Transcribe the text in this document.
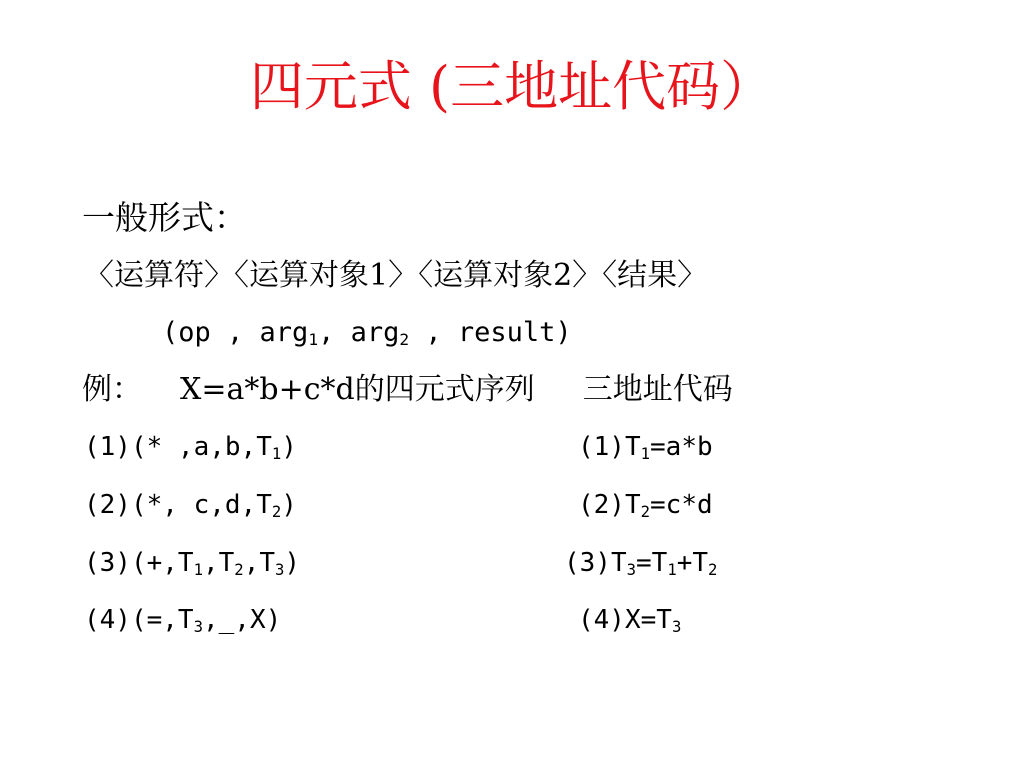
四元式 (三地址代码）
一般形式：
〈运算符〉〈运算对象1〉〈运算对象2〉〈结果〉
(op , arg$_1$, arg$_2$ , result)
例： X=a*b+c*d的四元式序列 三地址代码
(1)(* $,a,b,T_1$)
(2)(*, $c,d,T_2$)
$(3)(+,T_1,T_2,T_3)$
$(4)(=,T_3,\_,X)$
$(1)T_1=a*b$
$(2)T_2=c*d$
$(3)T_3=T_1+T_2$
$(4)X=T_3$
